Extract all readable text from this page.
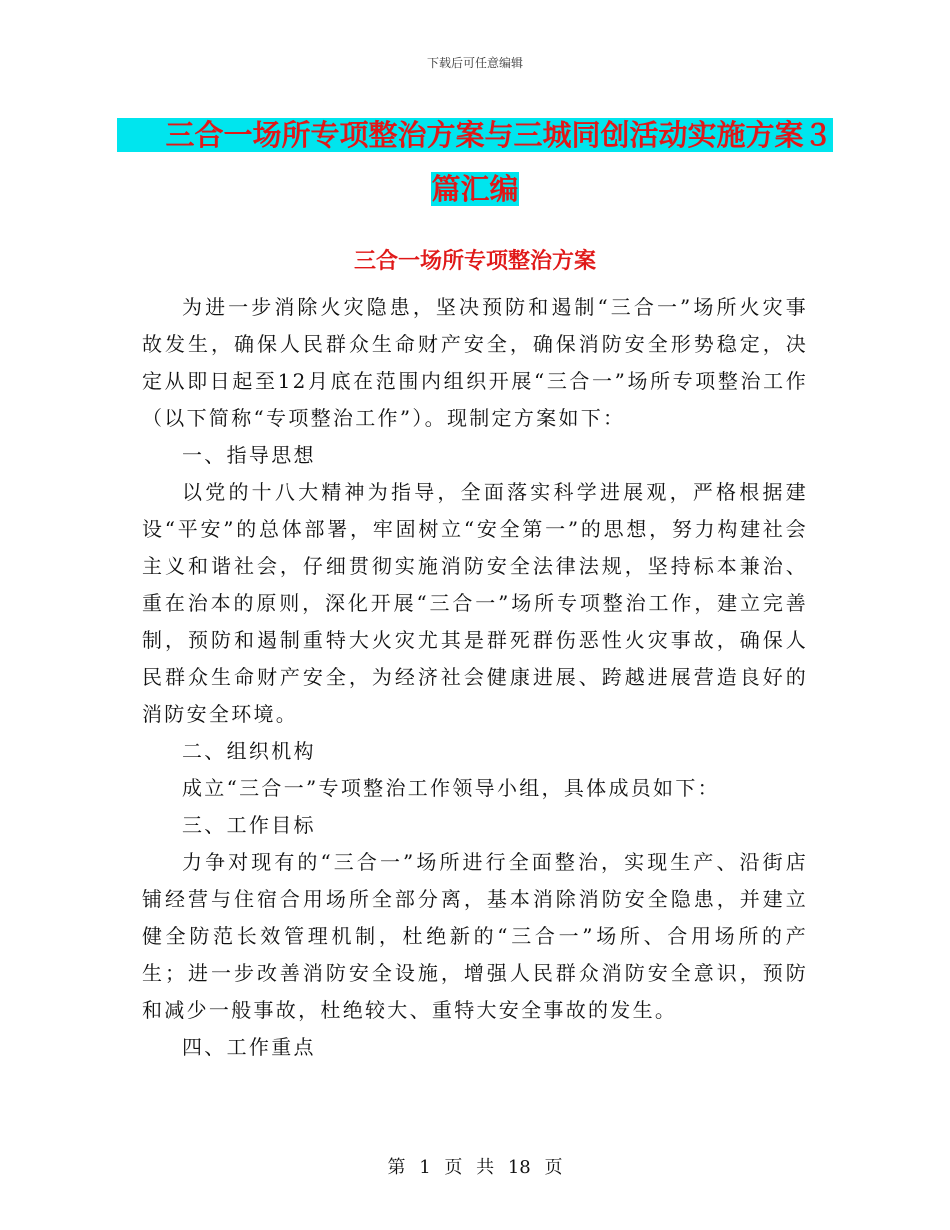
下载后可任意编辑
三合一场所专项整治方案与三城同创活动实施方案３
篇汇编
三合一场所专项整治方案

为进一步消除火灾隐患，坚决预防和遏制“三合一”场所火灾事故发生，确保人民群众生命财产安全，确保消防安全形势稳定，决定从即日起至12月底在范围内组织开展“三合一”场所专项整治工作（以下简称“专项整治工作”）。现制定方案如下：

一、指导思想

以党的十八大精神为指导，全面落实科学进展观，严格根据建设“平安”的总体部署，牢固树立“安全第一”的思想，努力构建社会主义和谐社会，仔细贯彻实施消防安全法律法规，坚持标本兼治、重在治本的原则，深化开展“三合一”场所专项整治工作，建立完善制，预防和遏制重特大火灾尤其是群死群伤恶性火灾事故，确保人民群众生命财产安全，为经济社会健康进展、跨越进展营造良好的消防安全环境。

二、组织机构

成立“三合一”专项整治工作领导小组，具体成员如下：

三、工作目标

力争对现有的“三合一”场所进行全面整治，实现生产、沿街店铺经营与住宿合用场所全部分离，基本消除消防安全隐患，并建立健全防范长效管理机制，杜绝新的“三合一”场所、合用场所的产生；进一步改善消防安全设施，增强人民群众消防安全意识，预防和减少一般事故，杜绝较大、重特大安全事故的发生。

四、工作重点

第 1 页 共 18 页
